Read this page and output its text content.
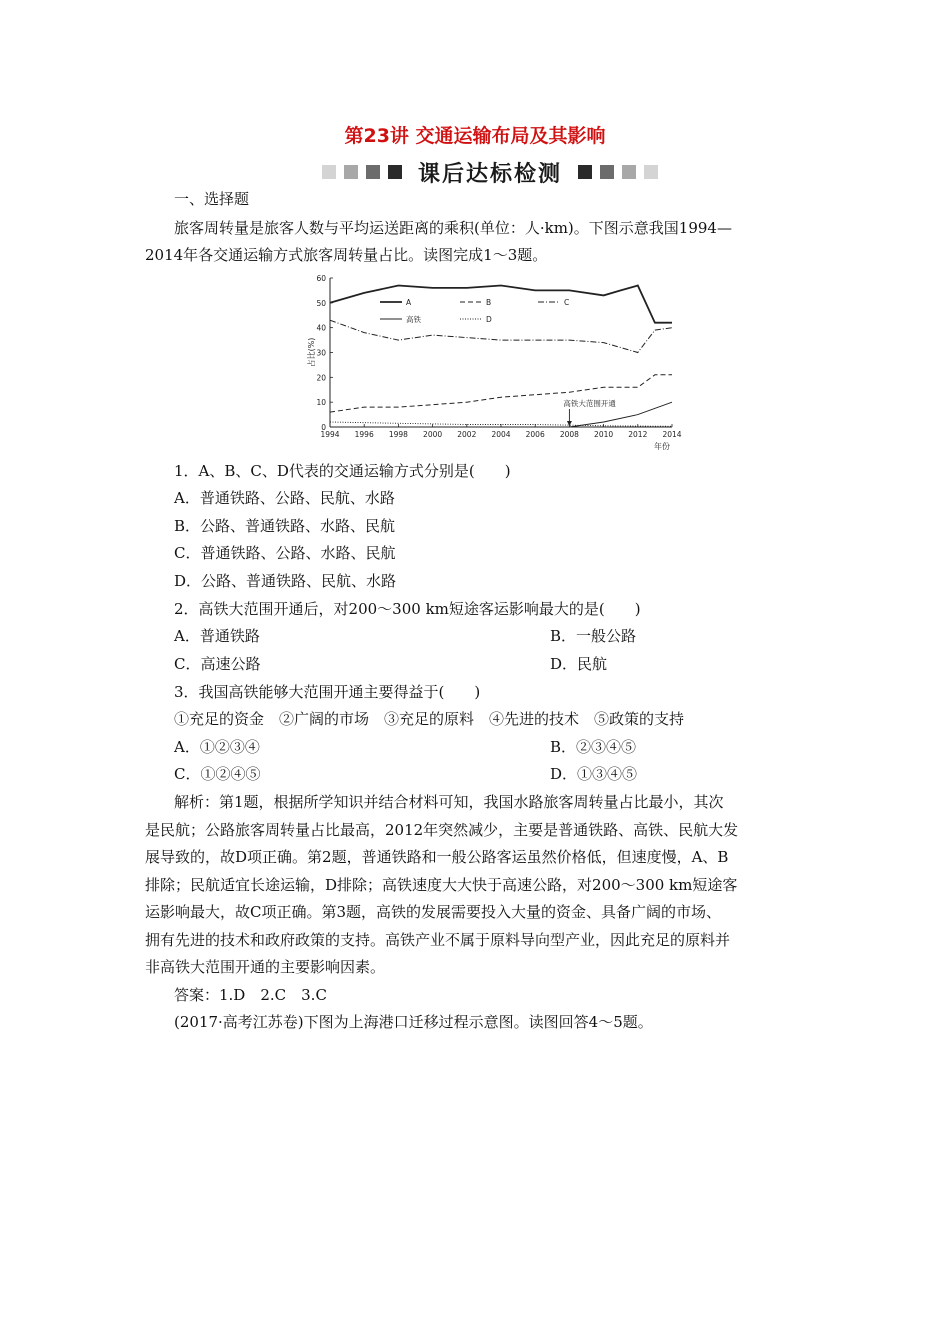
第23讲 交通运输布局及其影响
课后达标检测
一、选择题
旅客周转量是旅客人数与平均运送距离的乘积(单位：人·km)。下图示意我国1994—
2014年各交通运输方式旅客周转量占比。读图完成1～3题。
0
10
20
30
40
50
60
1994 1996 1998 2000 2002 2004 2006 2008 2010 2012 2014
占比(%)
年份
高铁大范围开通
A	B	C
高铁	D
1．A、B、C、D代表的交通运输方式分别是(　　)
A．普通铁路、公路、民航、水路
B．公路、普通铁路、水路、民航
C．普通铁路、公路、水路、民航
D．公路、普通铁路、民航、水路
2．高铁大范围开通后，对200～300 km短途客运影响最大的是(　　)
A．普通铁路	B．一般公路
C．高速公路	D．民航
3．我国高铁能够大范围开通主要得益于(　　)
①充足的资金　②广阔的市场　③充足的原料　④先进的技术　⑤政策的支持
A．①②③④	B．②③④⑤
C．①②④⑤	D．①③④⑤
解析：第1题，根据所学知识并结合材料可知，我国水路旅客周转量占比最小，其次
是民航；公路旅客周转量占比最高，2012年突然减少，主要是普通铁路、高铁、民航大发
展导致的，故D项正确。第2题，普通铁路和一般公路客运虽然价格低，但速度慢，A、B
排除；民航适宜长途运输，D排除；高铁速度大大快于高速公路，对200～300 km短途客
运影响最大，故C项正确。第3题，高铁的发展需要投入大量的资金、具备广阔的市场、
拥有先进的技术和政府政策的支持。高铁产业不属于原料导向型产业，因此充足的原料并
非高铁大范围开通的主要影响因素。
答案：1.D　2.C　3.C
(2017·高考江苏卷)下图为上海港口迁移过程示意图。读图回答4～5题。
